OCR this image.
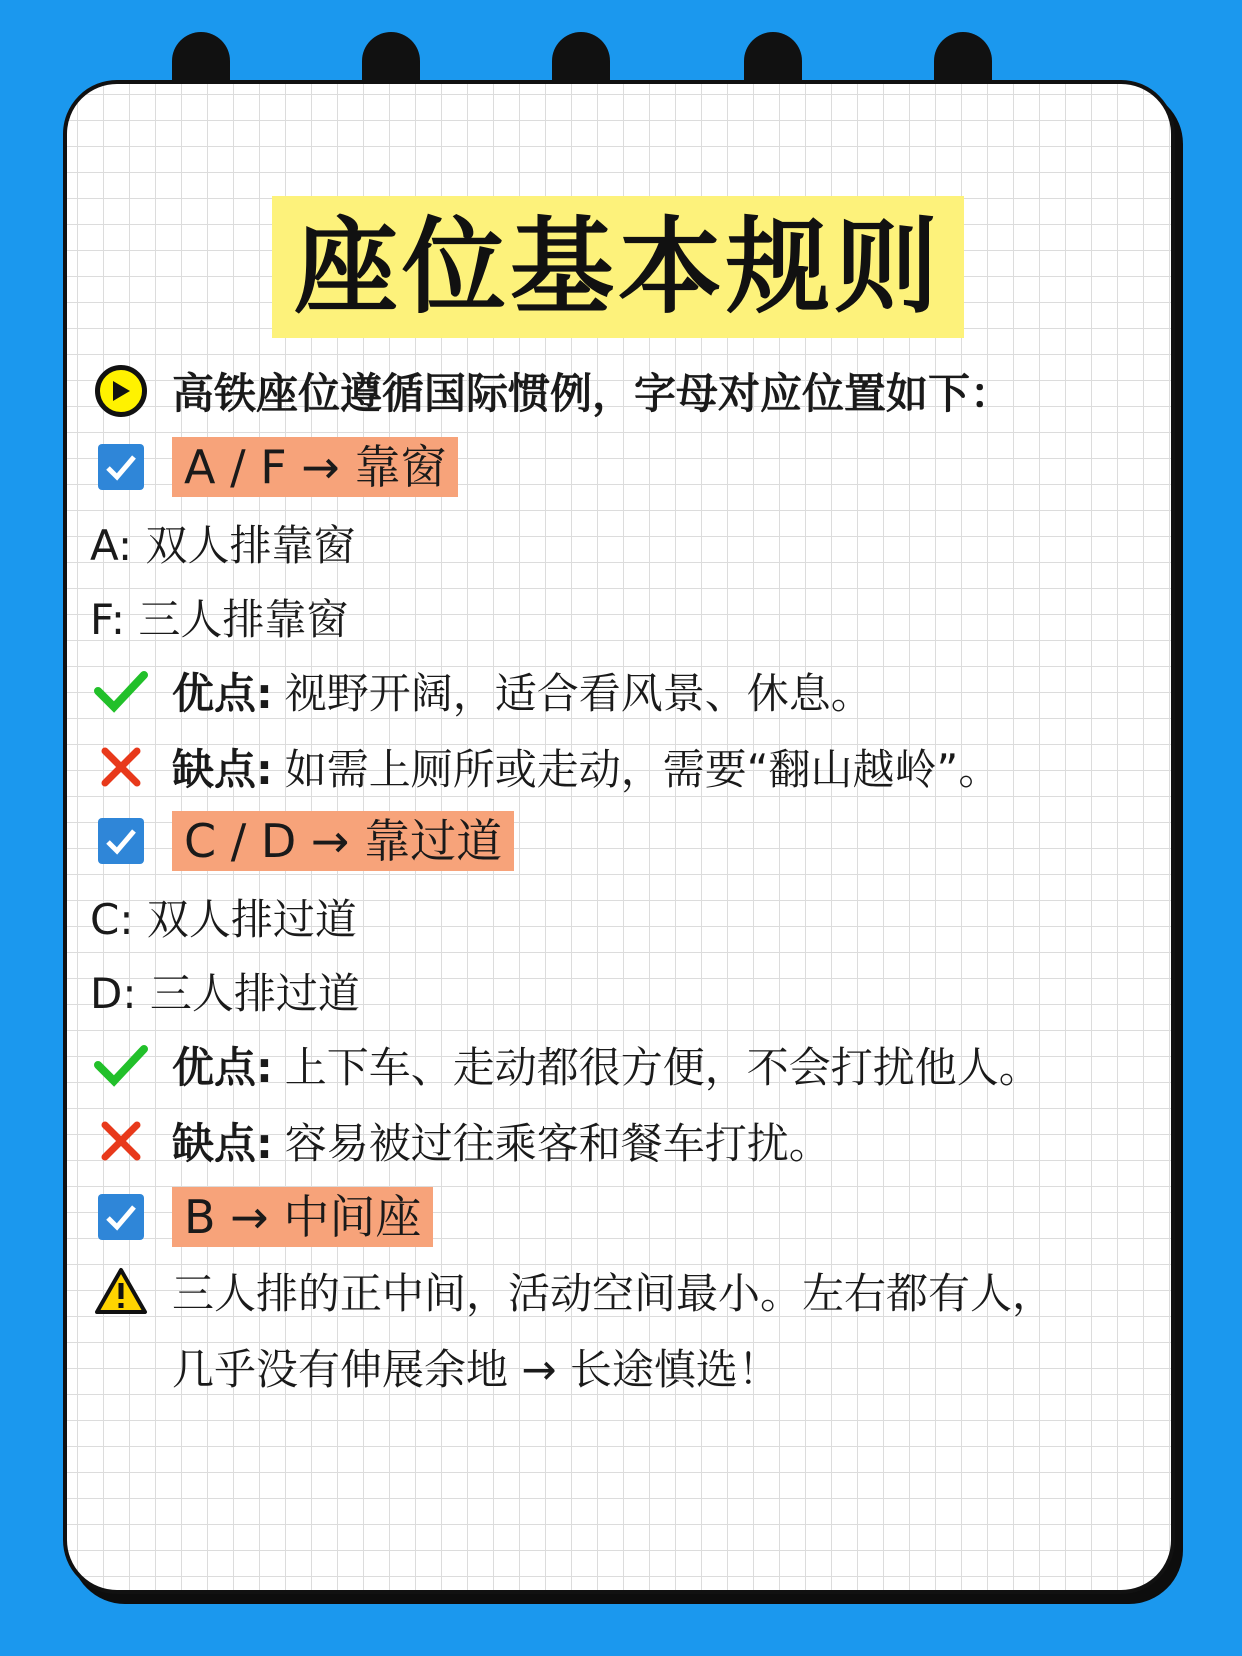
座位基本规则
高铁座位遵循国际惯例，字母对应位置如下：
A / F → 靠窗
A: 双人排靠窗
F: 三人排靠窗
优点: 视野开阔，适合看风景、休息。
缺点: 如需上厕所或走动，需要“翻山越岭”。
C / D → 靠过道
C: 双人排过道
D: 三人排过道
优点: 上下车、走动都很方便，不会打扰他人。
缺点: 容易被过往乘客和餐车打扰。
B → 中间座
三人排的正中间，活动空间最小。左右都有人，
几乎没有伸展余地 → 长途慎选！
